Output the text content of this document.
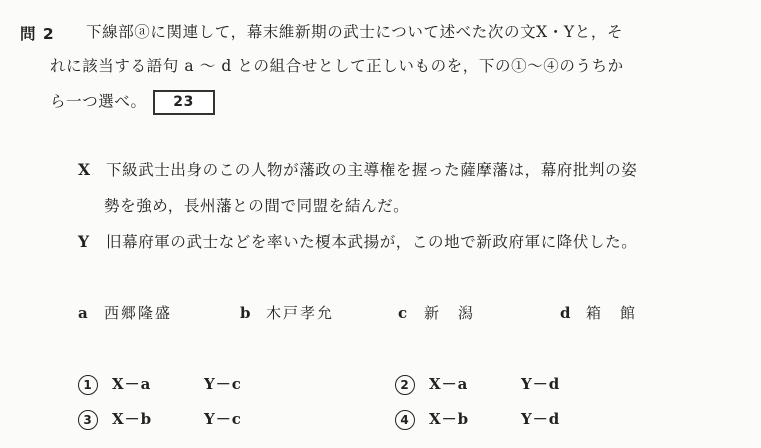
問 2 下線部ⓐに関連して，幕末維新期の武士について述べた次の文X・Yと，そ
れに該当する語句 a ～ d との組合せとして正しいものを，下の①～④のうちか
ら一つ選べ。 23
X 下級武士出身のこの人物が藩政の主導権を握った薩摩藩は，幕府批判の姿
勢を強め，長州藩との間で同盟を結んだ。
Y 旧幕府軍の武士などを率いた榎本武揚が，この地で新政府軍に降伏した。
a 西郷隆盛	b 木戸孝允	c 新　潟	d 箱　館
1 X－a	Y－c	2 X－a	Y－d
3 X－b	Y－c	4 X－b	Y－d
